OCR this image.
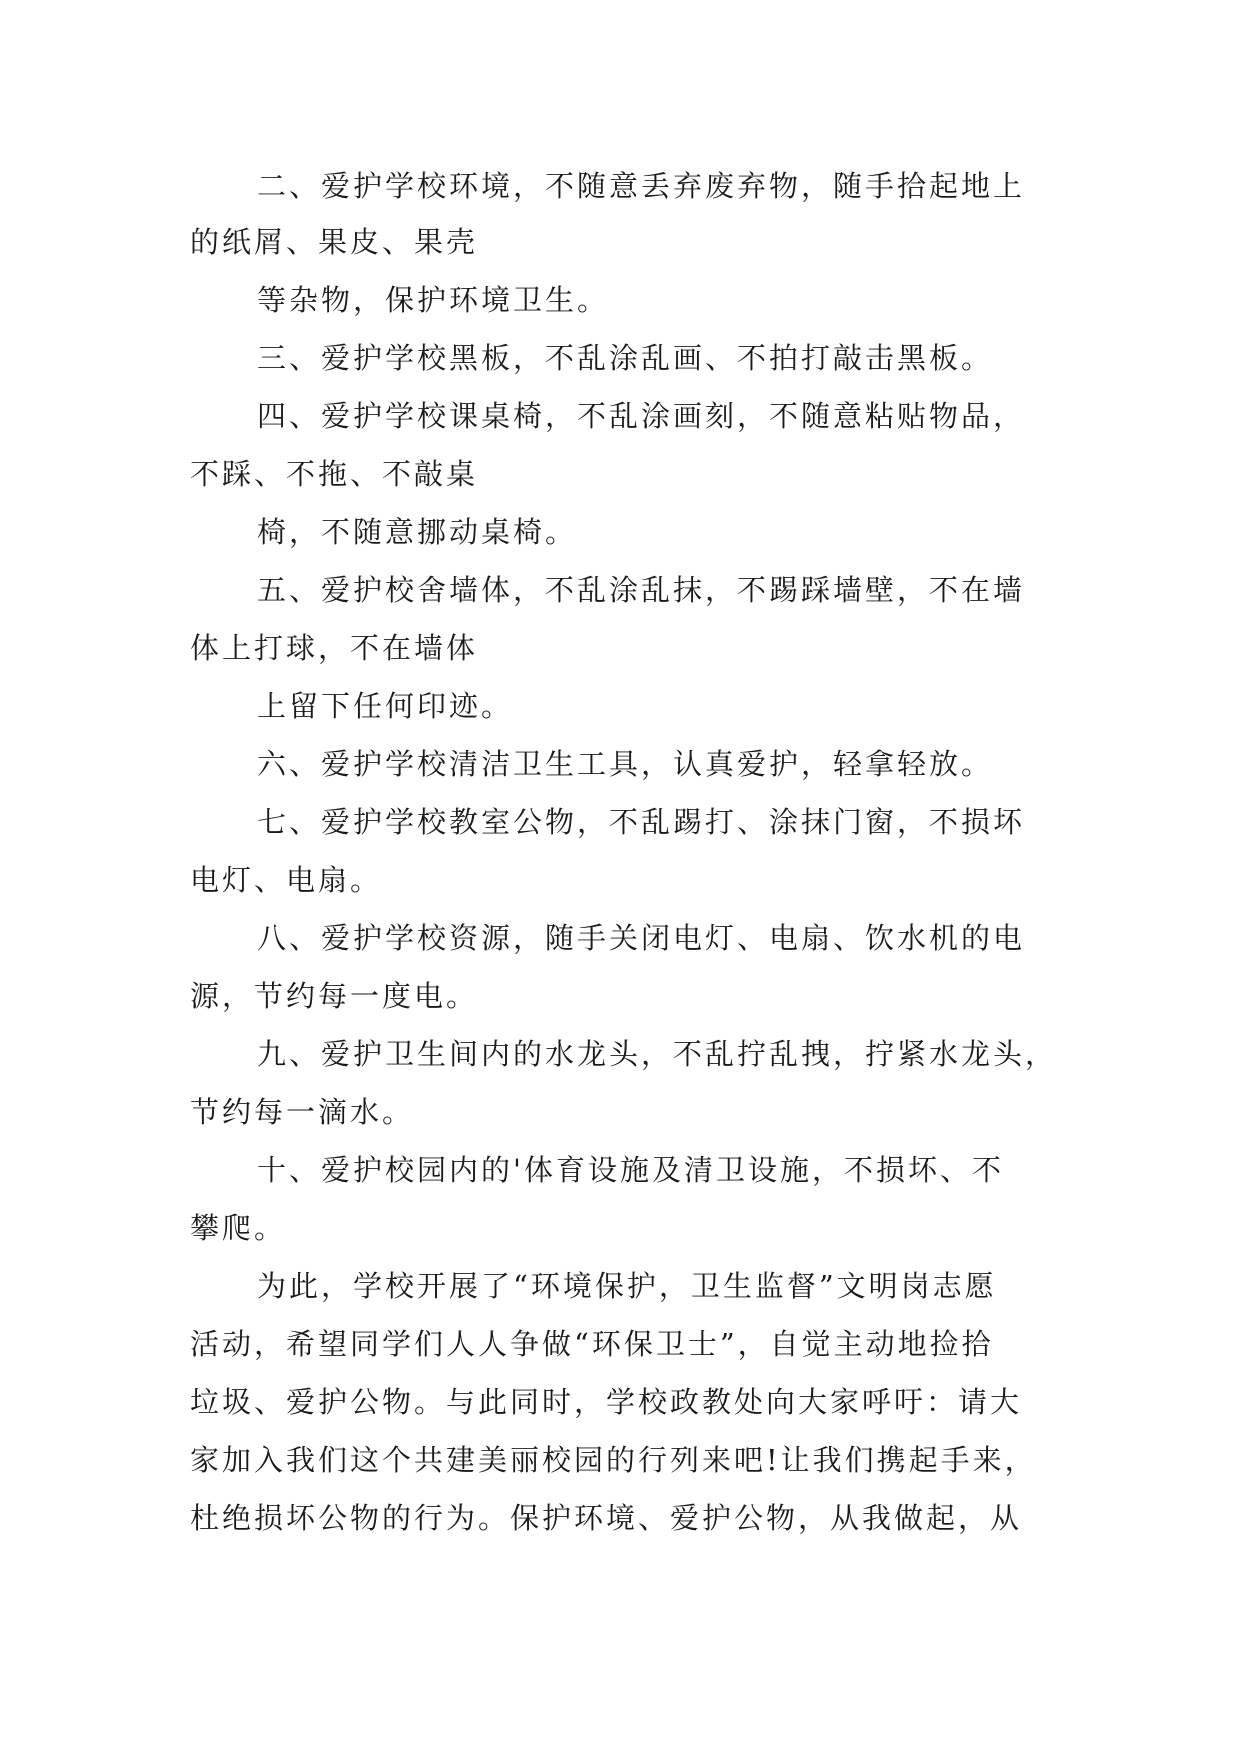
二、爱护学校环境，不随意丢弃废弃物，随手拾起地上
的纸屑、果皮、果壳
等杂物，保护环境卫生。
三、爱护学校黑板，不乱涂乱画、不拍打敲击黑板。
四、爱护学校课桌椅，不乱涂画刻，不随意粘贴物品，
不踩、不拖、不敲桌
椅，不随意挪动桌椅。
五、爱护校舍墙体，不乱涂乱抹，不踢踩墙壁，不在墙
体上打球，不在墙体
上留下任何印迹。
六、爱护学校清洁卫生工具，认真爱护，轻拿轻放。
七、爱护学校教室公物，不乱踢打、涂抹门窗，不损坏
电灯、电扇。
八、爱护学校资源，随手关闭电灯、电扇、饮水机的电
源，节约每一度电。
九、爱护卫生间内的水龙头，不乱拧乱拽，拧紧水龙头，
节约每一滴水。
十、爱护校园内的'体育设施及清卫设施，不损坏、不
攀爬。
为此，学校开展了“环境保护，卫生监督”文明岗志愿
活动，希望同学们人人争做“环保卫士”，自觉主动地捡拾
垃圾、爱护公物。与此同时，学校政教处向大家呼吁：请大
家加入我们这个共建美丽校园的行列来吧!让我们携起手来，
杜绝损坏公物的行为。保护环境、爱护公物，从我做起，从
